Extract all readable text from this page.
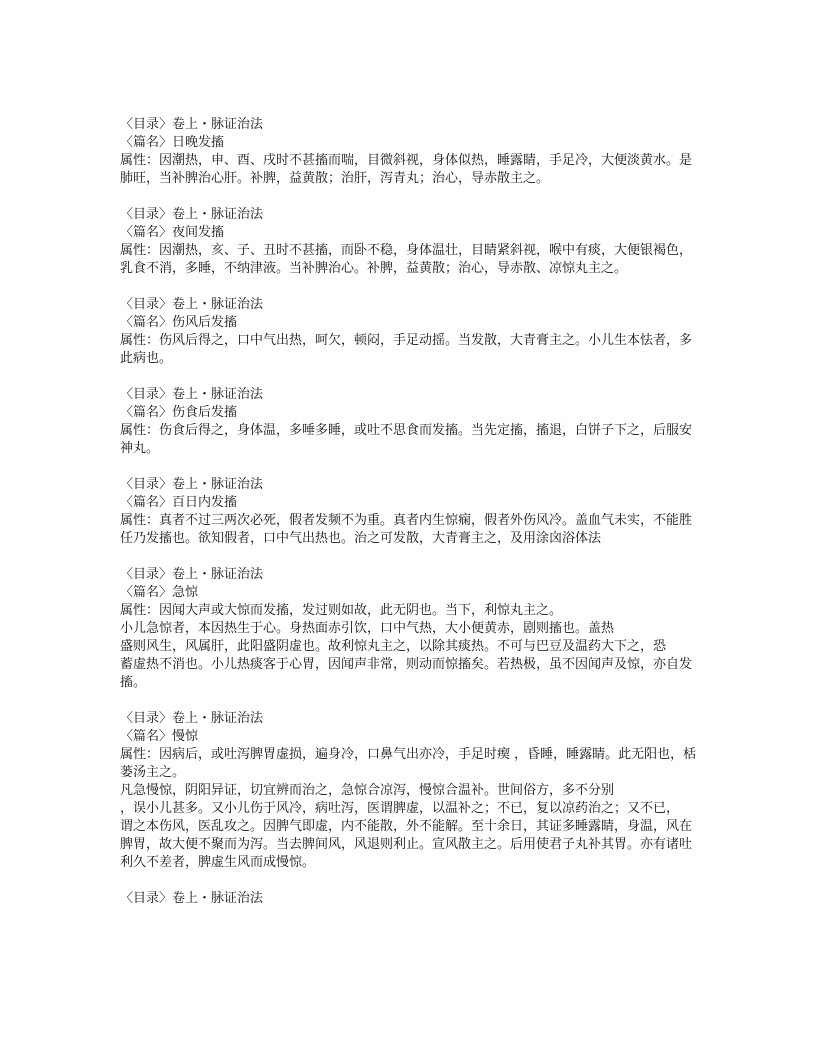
〈目录〉卷上・脉证治法
〈篇名〉日晚发搐
属性：因潮热，申、酉、戌时不甚搐而喘，目微斜视，身体似热，睡露睛，手足冷，大便淡黄水。是肺旺，当补脾治心肝。补脾，益黄散；治肝，泻青丸；治心，导赤散主之。
〈目录〉卷上・脉证治法
〈篇名〉夜间发搐
属性：因潮热，亥、子、丑时不甚搐，而卧不稳，身体温壮，目睛紧斜视，喉中有痰，大便银褐色，乳食不消，多睡，不纳津液。当补脾治心。补脾，益黄散；治心，导赤散、凉惊丸主之。
〈目录〉卷上・脉证治法
〈篇名〉伤风后发搐
属性：伤风后得之，口中气出热，呵欠，顿闷，手足动摇。当发散，大青膏主之。小儿生本怯者，多此病也。
〈目录〉卷上・脉证治法
〈篇名〉伤食后发搐
属性：伤食后得之，身体温，多唾多睡，或吐不思食而发搐。当先定搐，搐退，白饼子下之，后服安神丸。
〈目录〉卷上・脉证治法
〈篇名〉百日内发搐
属性：真者不过三两次必死，假者发频不为重。真者内生惊痫，假者外伤风冷。盖血气未实，不能胜任乃发搐也。欲知假者，口中气出热也。治之可发散，大青膏主之，及用涂囟浴体法
〈目录〉卷上・脉证治法
〈篇名〉急惊
属性：因闻大声或大惊而发搐，发过则如故，此无阴也。当下，利惊丸主之。
小儿急惊者，本因热生于心。身热面赤引饮，口中气热，大小便黄赤，剧则搐也。盖热
盛则风生，风属肝，此阳盛阴虚也。故利惊丸主之，以除其痰热。不可与巴豆及温药大下之，恐
蓄虚热不消也。小儿热痰客于心胃，因闻声非常，则动而惊搐矣。若热极，虽不因闻声及惊，亦自发搐。
〈目录〉卷上・脉证治法
〈篇名〉慢惊
属性：因病后，或吐泻脾胃虚损，遍身冷，口鼻气出亦冷，手足时瘈 ，昏睡，睡露睛。此无阳也，栝蒌汤主之。
凡急慢惊，阴阳异证，切宜辨而治之，急惊合凉泻，慢惊合温补。世间俗方，多不分别
，误小儿甚多。又小儿伤于风冷，病吐泻，医谓脾虚，以温补之；不已，复以凉药治之；又不已，
谓之本伤风，医乱攻之。因脾气即虚，内不能散，外不能解。至十余日，其证多睡露睛，身温，风在脾胃，故大便不聚而为泻。当去脾间风，风退则利止。宣风散主之。后用使君子丸补其胃。亦有诸吐利久不差者，脾虚生风而成慢惊。
〈目录〉卷上・脉证治法
